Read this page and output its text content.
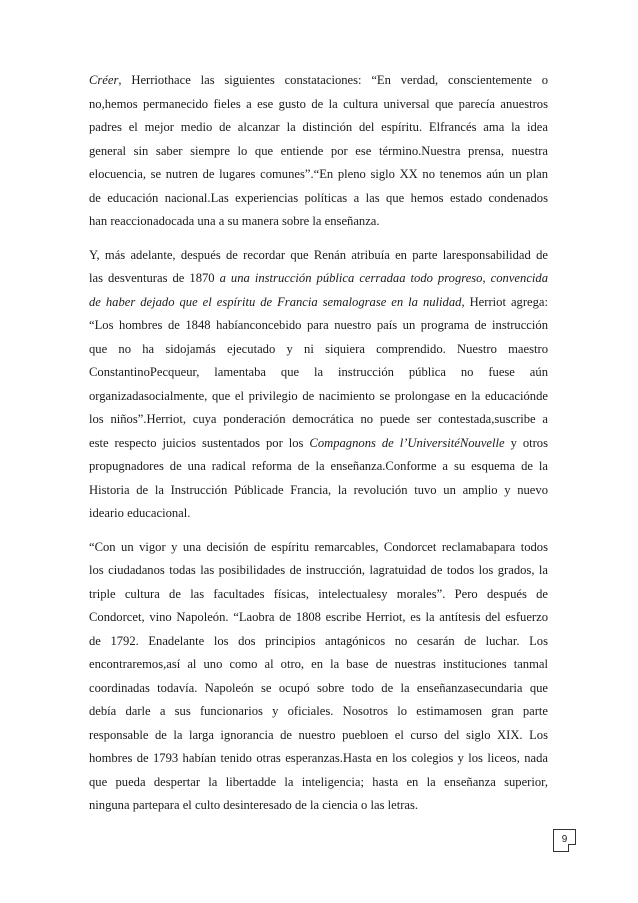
Créer, Herriothace las siguientes constataciones: “En verdad, conscientemente o
no,hemos permanecido fieles a ese gusto de la cultura universal que parecía anuestros
padres el mejor medio de alcanzar la distinción del espíritu. Elfrancés ama la idea
general sin saber siempre lo que entiende por ese término.Nuestra prensa, nuestra
elocuencia, se nutren de lugares comunes”.“En pleno siglo XX no tenemos aún un plan
de educación nacional.Las experiencias políticas a las que hemos estado condenados
han reaccionadocada una a su manera sobre la enseñanza.
Y, más adelante, después de recordar que Renán atribuía en parte laresponsabilidad de
las desventuras de 1870 a una instrucción pública cerradaa todo progreso, convencida
de haber dejado que el espíritu de Francia semalograse en la nulidad, Herriot agrega:
“Los hombres de 1848 habíanconcebido para nuestro país un programa de instrucción
que no ha sidojamás ejecutado y ni siquiera comprendido. Nuestro maestro
ConstantinoPecqueur, lamentaba que la instrucción pública no fuese aún
organizadasocialmente, que el privilegio de nacimiento se prolongase en la educaciónde
los niños”.Herriot, cuya ponderación democrática no puede ser contestada,suscribe a
este respecto juicios sustentados por los Compagnons de l’UniversitéNouvelle y otros
propugnadores de una radical reforma de la enseñanza.Conforme a su esquema de la
Historia de la Instrucción Públicade Francia, la revolución tuvo un amplio y nuevo
ideario educacional.
“Con un vigor y una decisión de espíritu remarcables, Condorcet reclamabapara todos
los ciudadanos todas las posibilidades de instrucción, lagratuidad de todos los grados, la
triple cultura de las facultades físicas, intelectualesy morales”. Pero después de
Condorcet, vino Napoleón. “Laobra de 1808 escribe Herriot, es la antítesis del esfuerzo
de 1792. Enadelante los dos principios antagónicos no cesarán de luchar. Los
encontraremos,así al uno como al otro, en la base de nuestras instituciones tanmal
coordinadas todavía. Napoleón se ocupó sobre todo de la enseñanzasecundaria que
debía darle a sus funcionarios y oficiales. Nosotros lo estimamosen gran parte
responsable de la larga ignorancia de nuestro puebloen el curso del siglo XIX. Los
hombres de 1793 habían tenido otras esperanzas.Hasta en los colegios y los liceos, nada
que pueda despertar la libertadde la inteligencia; hasta en la enseñanza superior,
ninguna partepara el culto desinteresado de la ciencia o las letras.
9
